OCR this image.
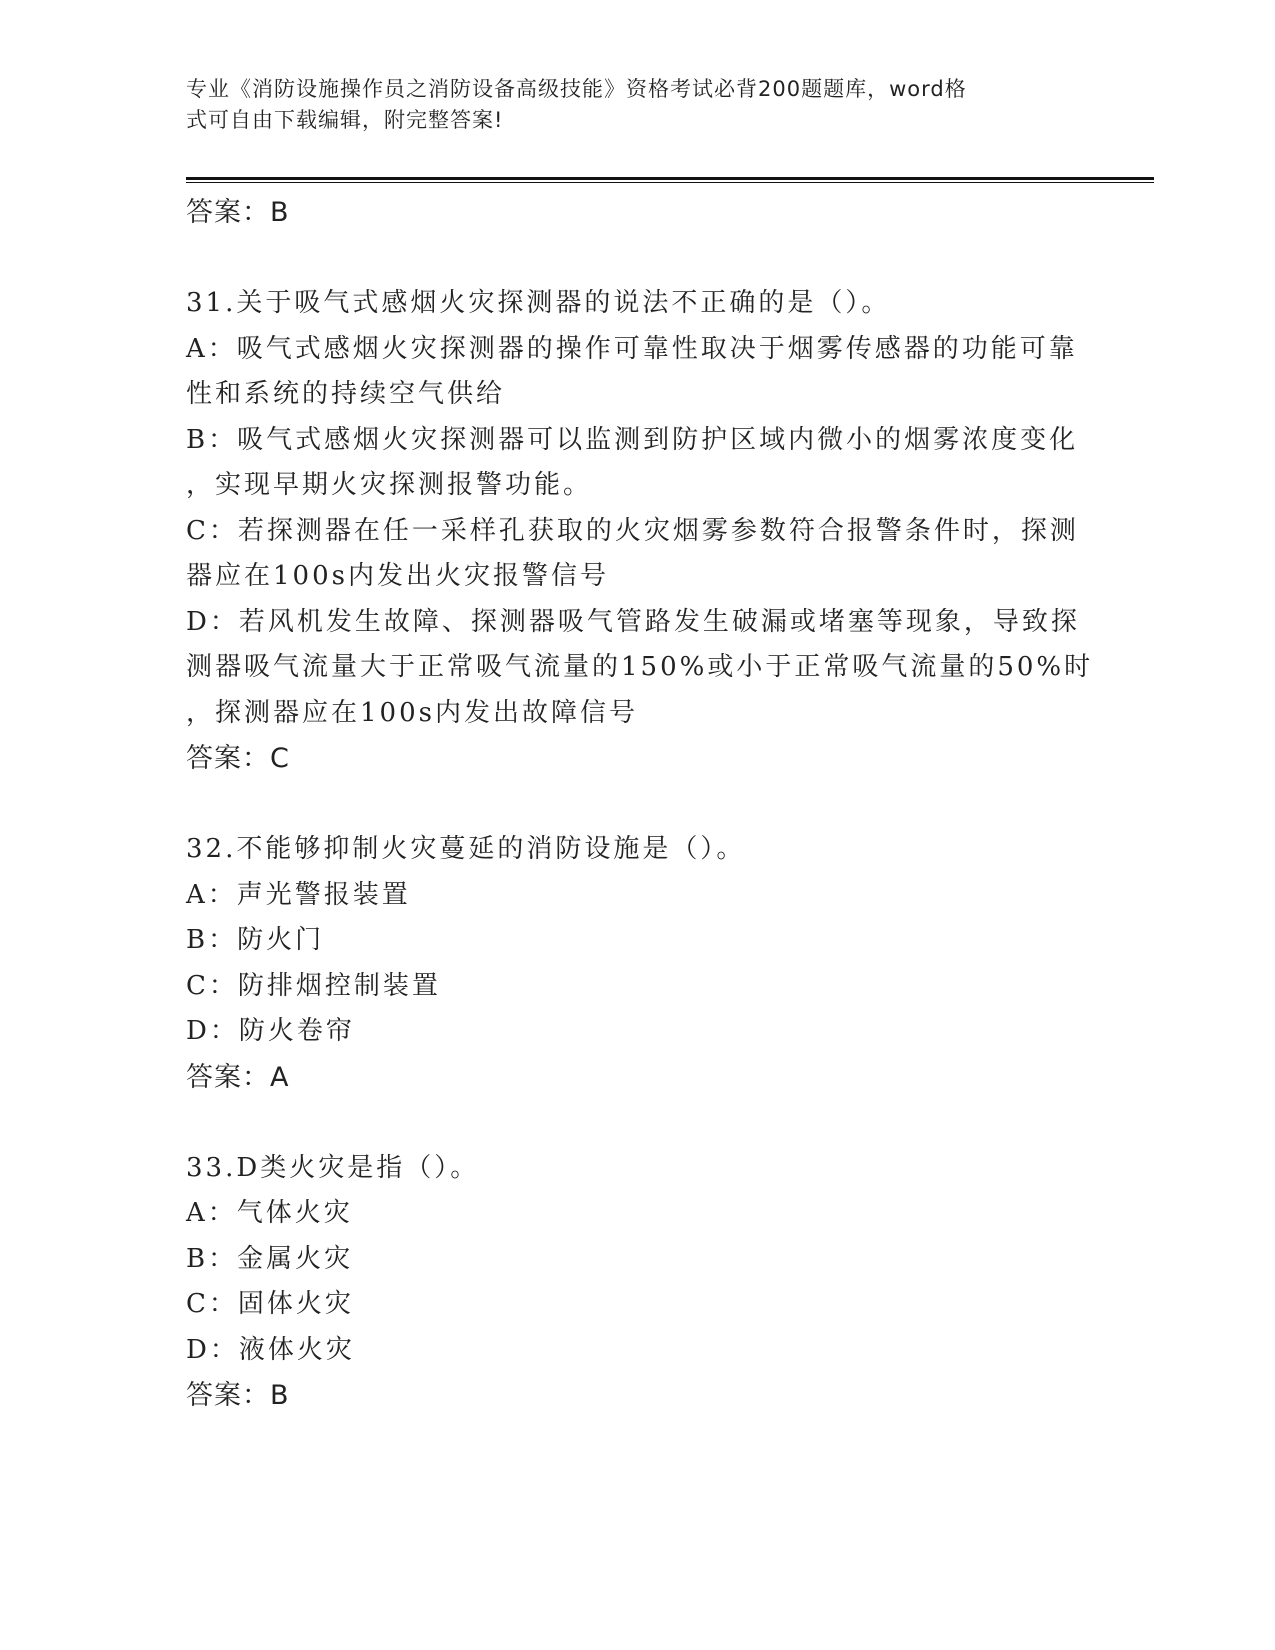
专业《消防设施操作员之消防设备高级技能》资格考试必背200题题库，word格
式可自由下载编辑，附完整答案!
答案：B
31.关于吸气式感烟火灾探测器的说法不正确的是（）。
A：吸气式感烟火灾探测器的操作可靠性取决于烟雾传感器的功能可靠
性和系统的持续空气供给
B：吸气式感烟火灾探测器可以监测到防护区域内微小的烟雾浓度变化
，实现早期火灾探测报警功能。
C：若探测器在任一采样孔获取的火灾烟雾参数符合报警条件时，探测
器应在100s内发出火灾报警信号
D：若风机发生故障、探测器吸气管路发生破漏或堵塞等现象，导致探
测器吸气流量大于正常吸气流量的150%或小于正常吸气流量的50%时
，探测器应在100s内发出故障信号
答案：C
32.不能够抑制火灾蔓延的消防设施是（）。
A：声光警报装置
B：防火门
C：防排烟控制装置
D：防火卷帘
答案：A
33.D类火灾是指（）。
A：气体火灾
B：金属火灾
C：固体火灾
D：液体火灾
答案：B
